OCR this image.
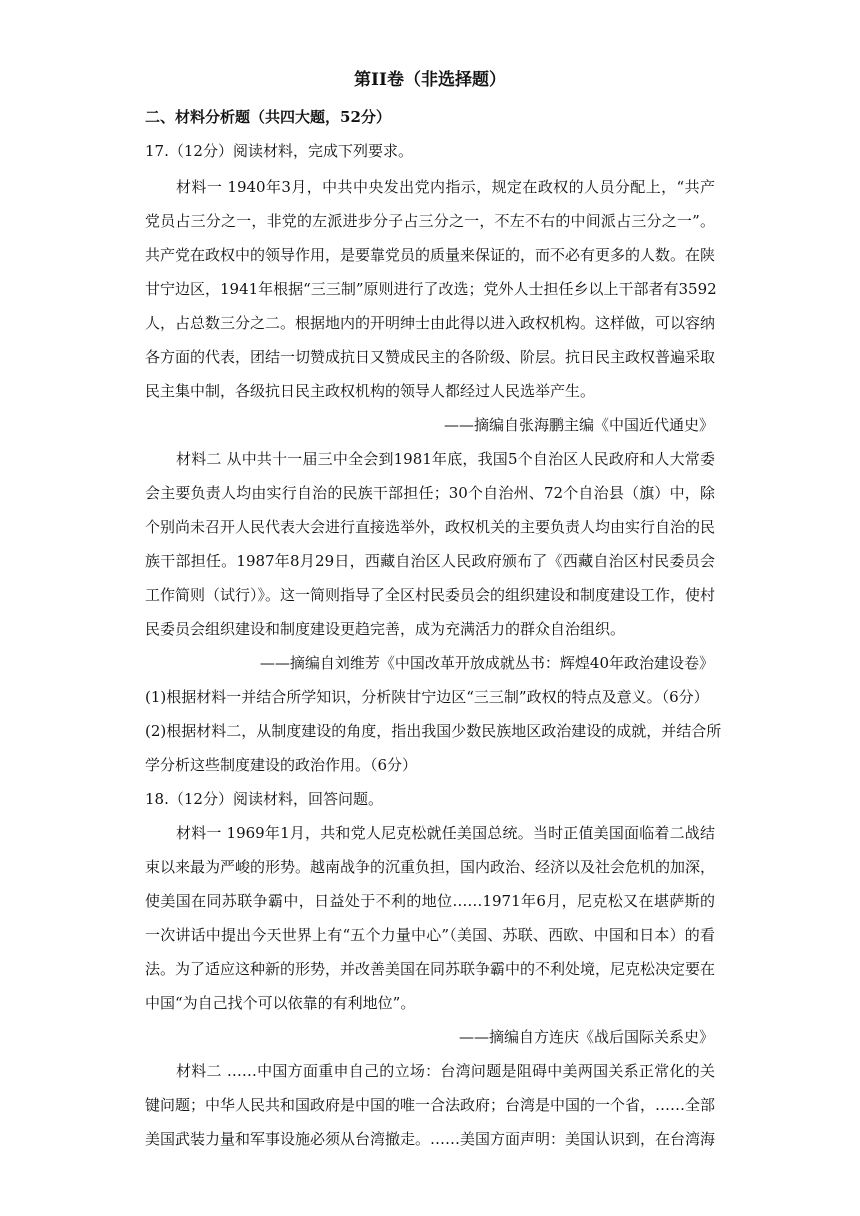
第II卷（非选择题）
二、材料分析题（共四大题，52分）
17.（12分）阅读材料，完成下列要求。
材料一 1940年3月，中共中央发出党内指示，规定在政权的人员分配上，“共产
党员占三分之一，非党的左派进步分子占三分之一，不左不右的中间派占三分之一”。
共产党在政权中的领导作用，是要靠党员的质量来保证的，而不必有更多的人数。在陕
甘宁边区，1941年根据“三三制”原则进行了改选；党外人士担任乡以上干部者有3592
人，占总数三分之二。根据地内的开明绅士由此得以进入政权机构。这样做，可以容纳
各方面的代表，团结一切赞成抗日又赞成民主的各阶级、阶层。抗日民主政权普遍采取
民主集中制，各级抗日民主政权机构的领导人都经过人民选举产生。
——摘编自张海鹏主编《中国近代通史》
材料二 从中共十一届三中全会到1981年底，我国5个自治区人民政府和人大常委
会主要负责人均由实行自治的民族干部担任；30个自治州、72个自治县（旗）中，除
个别尚未召开人民代表大会进行直接选举外，政权机关的主要负责人均由实行自治的民
族干部担任。1987年8月29日，西藏自治区人民政府颁布了《西藏自治区村民委员会
工作简则（试行）》。这一简则指导了全区村民委员会的组织建设和制度建设工作，使村
民委员会组织建设和制度建设更趋完善，成为充满活力的群众自治组织。
——摘编自刘维芳《中国改革开放成就丛书：辉煌40年政治建设卷》
(1)根据材料一并结合所学知识，分析陕甘宁边区“三三制”政权的特点及意义。（6分）
(2)根据材料二，从制度建设的角度，指出我国少数民族地区政治建设的成就，并结合所
学分析这些制度建设的政治作用。（6分）
18.（12分）阅读材料，回答问题。
材料一 1969年1月，共和党人尼克松就任美国总统。当时正值美国面临着二战结
束以来最为严峻的形势。越南战争的沉重负担，国内政治、经济以及社会危机的加深，
使美国在同苏联争霸中，日益处于不利的地位……1971年6月，尼克松又在堪萨斯的
一次讲话中提出今天世界上有“五个力量中心”（美国、苏联、西欧、中国和日本）的看
法。为了适应这种新的形势，并改善美国在同苏联争霸中的不利处境，尼克松决定要在
中国“为自己找个可以依靠的有利地位”。
——摘编自方连庆《战后国际关系史》
材料二 ……中国方面重申自己的立场：台湾问题是阻碍中美两国关系正常化的关
键问题；中华人民共和国政府是中国的唯一合法政府；台湾是中国的一个省，……全部
美国武装力量和军事设施必须从台湾撤走。……美国方面声明：美国认识到，在台湾海
